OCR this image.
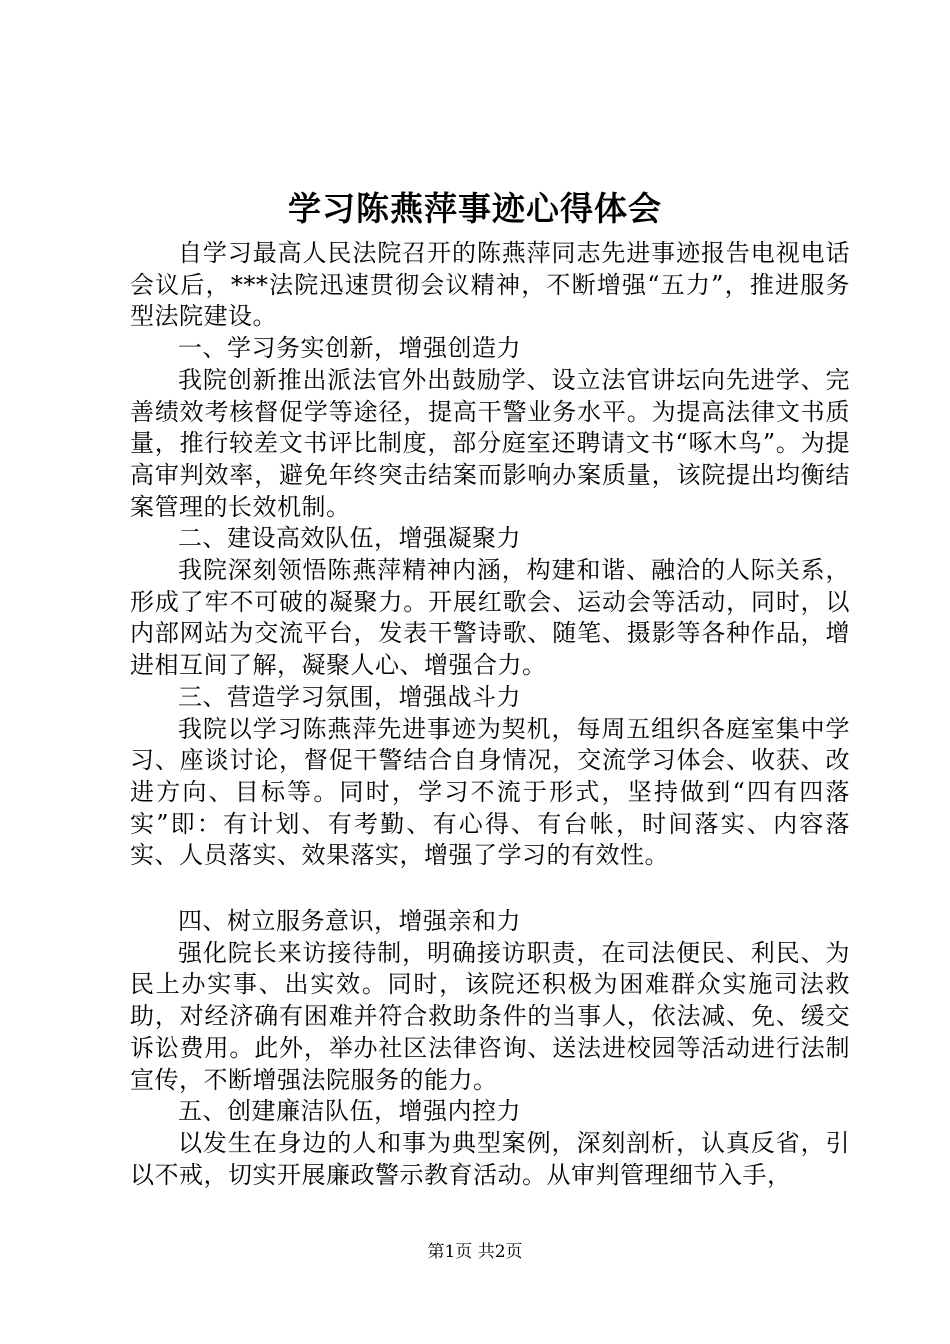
学习陈燕萍事迹心得体会

自学习最高人民法院召开的陈燕萍同志先进事迹报告电视电话会议后，***法院迅速贯彻会议精神，不断增强“五力”，推进服务型法院建设。

一、学习务实创新，增强创造力

我院创新推出派法官外出鼓励学、设立法官讲坛向先进学、完善绩效考核督促学等途径，提高干警业务水平。为提高法律文书质量，推行较差文书评比制度，部分庭室还聘请文书“啄木鸟”。为提高审判效率，避免年终突击结案而影响办案质量，该院提出均衡结案管理的长效机制。

二、建设高效队伍，增强凝聚力

我院深刻领悟陈燕萍精神内涵，构建和谐、融洽的人际关系，形成了牢不可破的凝聚力。开展红歌会、运动会等活动，同时，以内部网站为交流平台，发表干警诗歌、随笔、摄影等各种作品，增进相互间了解，凝聚人心、增强合力。

三、营造学习氛围，增强战斗力

我院以学习陈燕萍先进事迹为契机，每周五组织各庭室集中学习、座谈讨论，督促干警结合自身情况，交流学习体会、收获、改进方向、目标等。同时，学习不流于形式，坚持做到“四有四落实”即：有计划、有考勤、有心得、有台帐，时间落实、内容落实、人员落实、效果落实，增强了学习的有效性。

四、树立服务意识，增强亲和力

强化院长来访接待制，明确接访职责，在司法便民、利民、为民上办实事、出实效。同时，该院还积极为困难群众实施司法救助，对经济确有困难并符合救助条件的当事人，依法减、免、缓交诉讼费用。此外，举办社区法律咨询、送法进校园等活动进行法制宣传，不断增强法院服务的能力。

五、创建廉洁队伍，增强内控力

以发生在身边的人和事为典型案例，深刻剖析，认真反省，引以不戒，切实开展廉政警示教育活动。从审判管理细节入手，

第1页 共2页
